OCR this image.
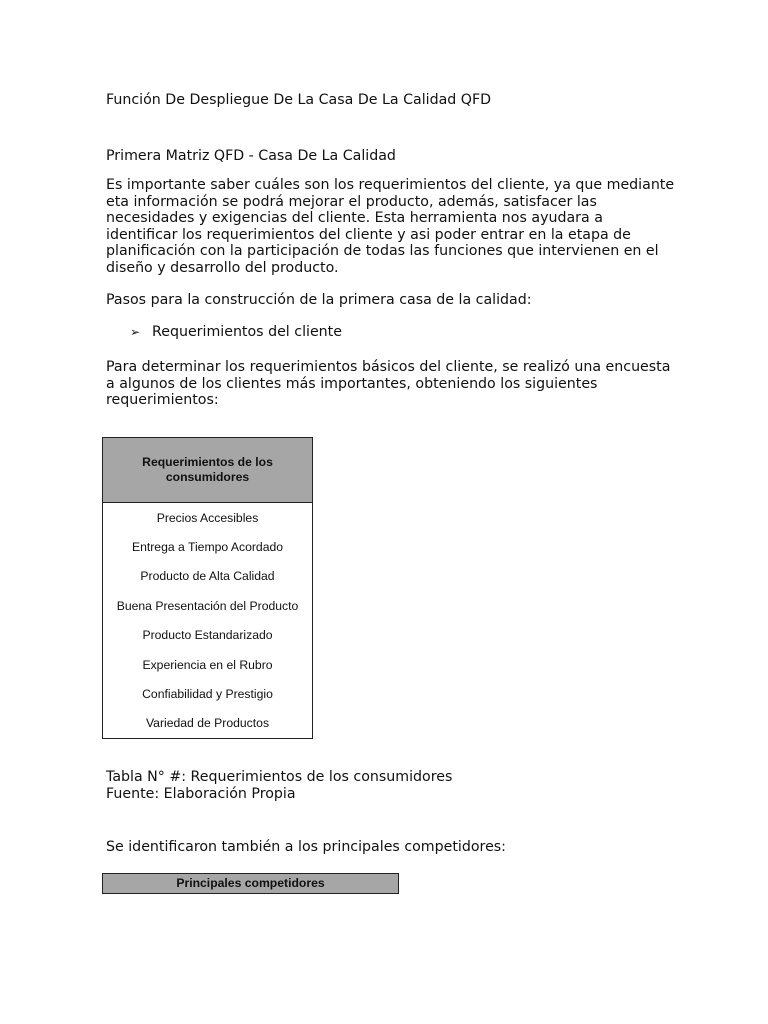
Función De Despliegue De La Casa De La Calidad QFD

Primera Matriz QFD - Casa De La Calidad

Es importante saber cuáles son los requerimientos del cliente, ya que mediante

eta información se podrá mejorar el producto, además, satisfacer las

necesidades y exigencias del cliente. Esta herramienta nos ayudara a

identificar los requerimientos del cliente y asi poder entrar en la etapa de

planificación con la participación de todas las funciones que intervienen en el

diseño y desarrollo del producto.

Pasos para la construcción de la primera casa de la calidad:

➢ Requerimientos del cliente

Para determinar los requerimientos básicos del cliente, se realizó una encuesta

a algunos de los clientes más importantes, obteniendo los siguientes

requerimientos:

Requerimientos de los
consumidores
Precios Accesibles
Entrega a Tiempo Acordado
Producto de Alta Calidad
Buena Presentación del Producto
Producto Estandarizado
Experiencia en el Rubro
Confiabilidad y Prestigio
Variedad de Productos

Tabla N° #: Requerimientos de los consumidores

Fuente: Elaboración Propia

Se identificaron también a los principales competidores:

Principales competidores
